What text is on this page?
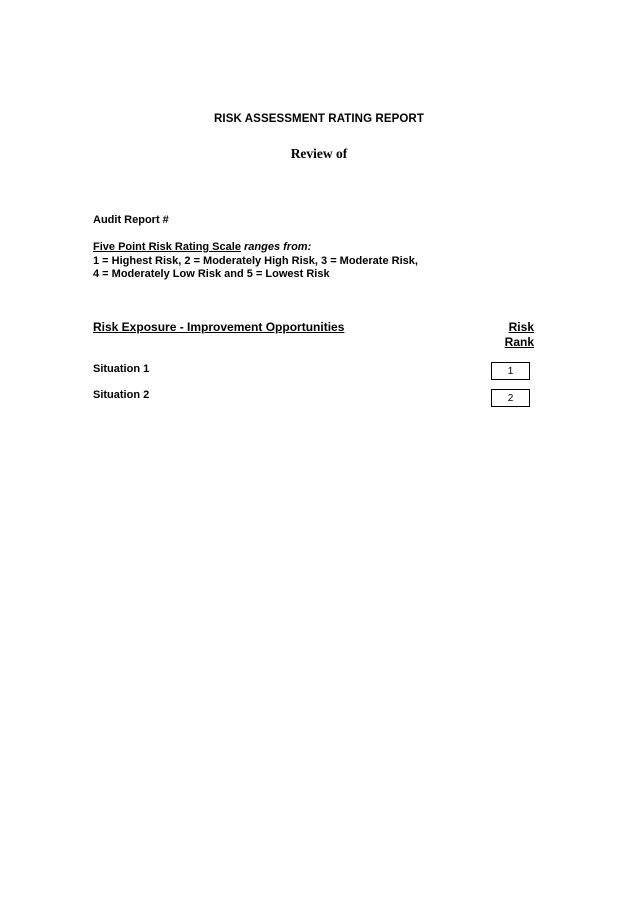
RISK ASSESSMENT RATING REPORT
Review of
Audit Report #
Five Point Risk Rating Scale ranges from:
1 = Highest Risk, 2 = Moderately High Risk, 3 = Moderate Risk,
4 = Moderately Low Risk and 5 = Lowest Risk
Risk Exposure - Improvement Opportunities	Risk
Rank
Situation 1	1
Situation 2	2
